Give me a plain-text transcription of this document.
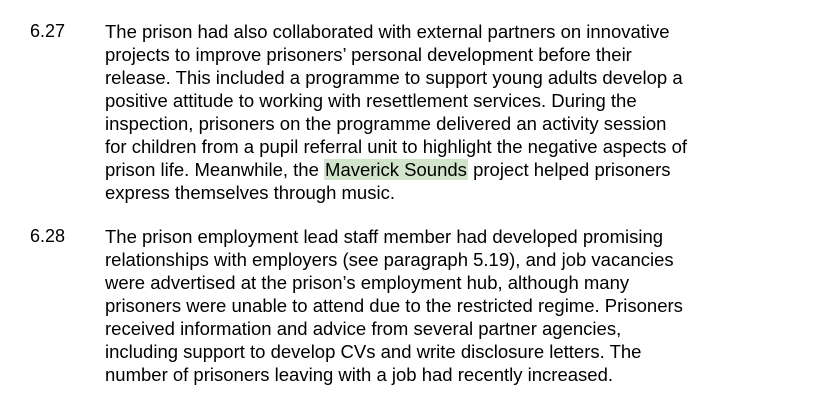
6.27 The prison had also collaborated with external partners on innovative
projects to improve prisoners’ personal development before their
release. This included a programme to support young adults develop a
positive attitude to working with resettlement services. During the
inspection, prisoners on the programme delivered an activity session
for children from a pupil referral unit to highlight the negative aspects of
prison life. Meanwhile, the Maverick Sounds project helped prisoners
express themselves through music.
6.28 The prison employment lead staff member had developed promising
relationships with employers (see paragraph 5.19), and job vacancies
were advertised at the prison’s employment hub, although many
prisoners were unable to attend due to the restricted regime. Prisoners
received information and advice from several partner agencies,
including support to develop CVs and write disclosure letters. The
number of prisoners leaving with a job had recently increased.
